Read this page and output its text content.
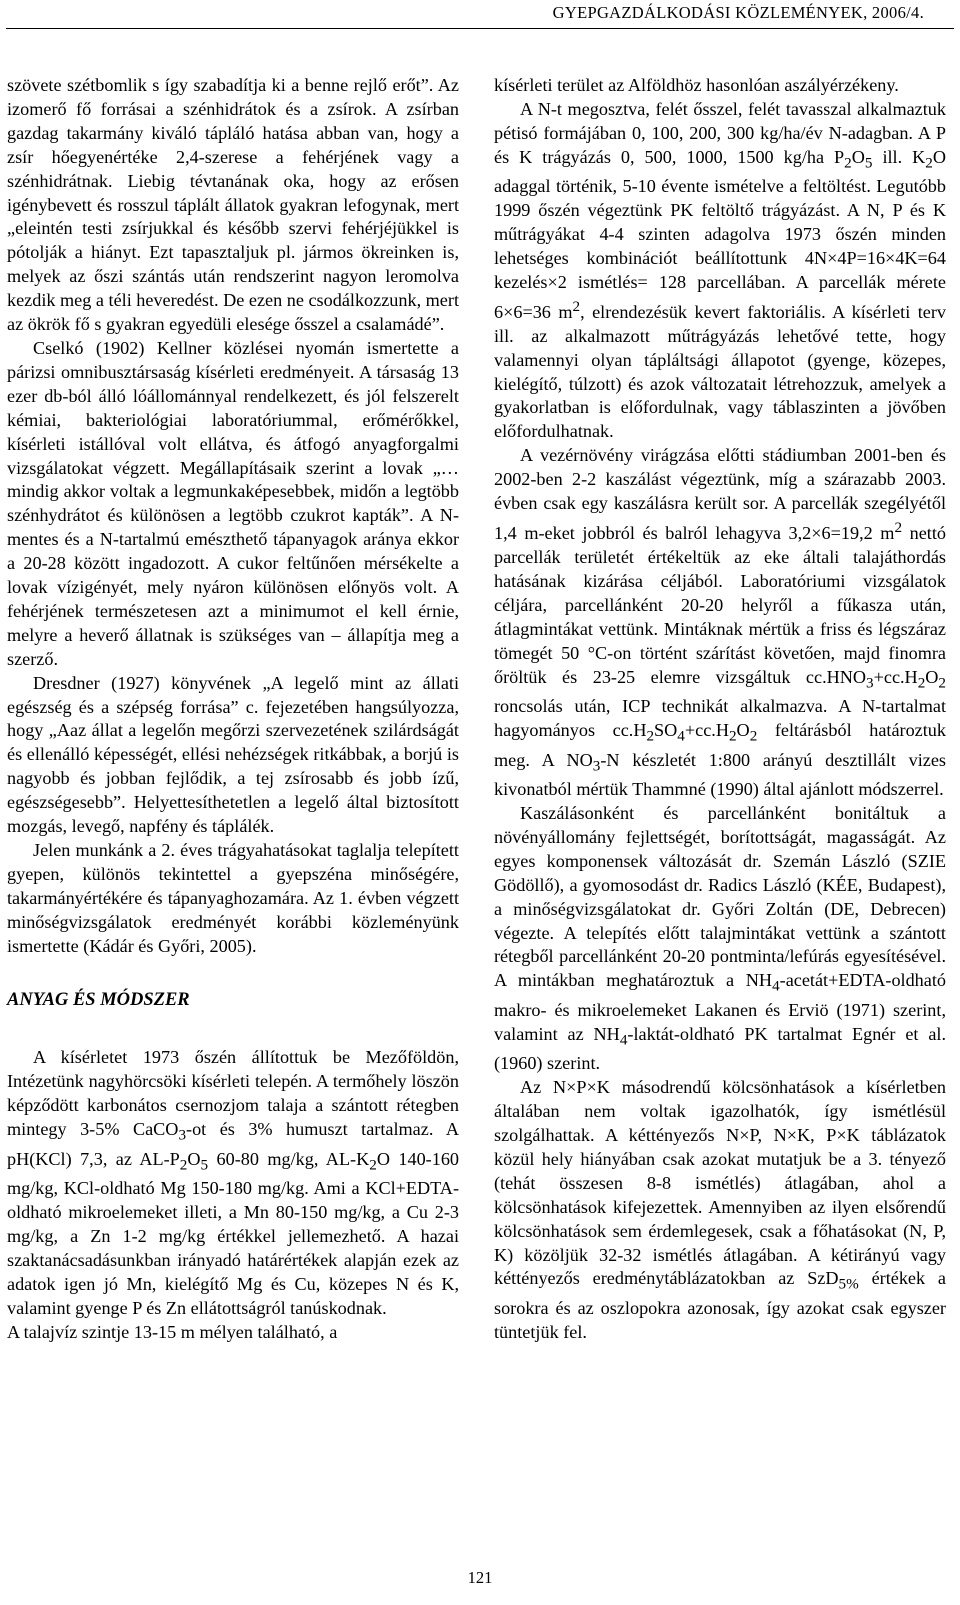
GYEPGAZDÁLKODÁSI KÖZLEMÉNYEK, 2006/4.

szövete szétbomlik s így szabadítja ki a benne rejlő erőt”. Az izomerő fő forrásai a szénhidrátok és a zsírok. A zsírban gazdag takarmány kiváló tápláló hatása abban van, hogy a zsír hőegyenértéke 2,4-szerese a fehérjének vagy a szénhidrátnak. Liebig tévtanának oka, hogy az erősen igénybevett és rosszul táplált állatok gyakran lefogynak, mert „eleintén testi zsírjukkal és később szervi fehérjéjükkel is pótolják a hiányt. Ezt tapasztaljuk pl. jármos ökreinken is, melyek az őszi szántás után rendszerint nagyon leromolva kezdik meg a téli heveredést. De ezen ne csodálkozzunk, mert az ökrök fő s gyakran egyedüli elesége ősszel a csalamádé”.

Cselkó (1902) Kellner közlései nyomán ismertette a párizsi omnibusztársaság kísérleti eredményeit. A társaság 13 ezer db-ból álló lóállománnyal rendelkezett, és jól felszerelt kémiai, bakteriológiai laboratóriummal, erőmérőkkel, kísérleti istállóval volt ellátva, és átfogó anyagforgalmi vizsgálatokat végzett. Megállapításaik szerint a lovak „… mindig akkor voltak a legmunkaképesebbek, midőn a legtöbb szénhydrátot és különösen a legtöbb czukrot kapták”. A N-mentes és a N-tartalmú emészthető tápanyagok aránya ekkor a 20-28 között ingadozott. A cukor feltűnően mérsékelte a lovak vízigényét, mely nyáron különösen előnyös volt. A fehérjének természetesen azt a minimumot el kell érnie, melyre a heverő állatnak is szükséges van – állapítja meg a szerző.

Dresdner (1927) könyvének „A legelő mint az állati egészség és a szépség forrása” c. fejezetében hangsúlyozza, hogy „Aaz állat a legelőn megőrzi szervezetének szilárdságát és ellenálló képességét, ellési nehézségek ritkábbak, a borjú is nagyobb és jobban fejlődik, a tej zsírosabb és jobb ízű, egészségesebb”. Helyettesíthetetlen a legelő által biztosított mozgás, levegő, napfény és táplálék.

Jelen munkánk a 2. éves trágyahatásokat taglalja telepített gyepen, különös tekintettel a gyepszéna minőségére, takarmányértékére és tápanyaghozamára. Az 1. évben végzett minőségvizsgálatok eredményét korábbi közleményünk ismertette (Kádár és Győri, 2005).

ANYAG ÉS MÓDSZER

A kísérletet 1973 őszén állítottuk be Mezőföldön, Intézetünk nagyhörcsöki kísérleti telepén. A termőhely löszön képződött karbonátos csernozjom talaja a szántott rétegben mintegy 3-5% CaCO$_3$-ot és 3% humuszt tartalmaz. A pH(KCl) 7,3, az $AL-P_2O_5$ 60-80 mg/kg, $AL-K_2O$ 140-160 mg/kg, KCl-oldható Mg 150-180 mg/kg. Ami a KCl+EDTA-oldható mikroelemeket illeti, a Mn 80-150 mg/kg, a Cu 2-3 mg/kg, a Zn 1-2 mg/kg értékkel jellemezhető. A hazai szaktanácsadásunkban irányadó határértékek alapján ezek az adatok igen jó Mn, kielégítő Mg és Cu, közepes N és K, valamint gyenge P és Zn ellátottságról tanúskodnak.

A talajvíz szintje 13-15 m mélyen található, a

kísérleti terület az Alföldhöz hasonlóan aszályérzékeny.

A N-t megosztva, felét ősszel, felét tavasszal alkalmaztuk pétisó formájában 0, 100, 200, 300 kg/ha/év N-adagban. A P és K trágyázás 0, 500, 1000, 1500 kg/ha $P_2O_5$ ill. $K_2O$ adaggal történik, 5-10 évente ismételve a feltöltést. Legutóbb 1999 őszén végeztünk PK feltöltő trágyázást. A N, P és K műtrágyákat 4-4 szinten adagolva 1973 őszén minden lehetséges kombinációt beállítottunk 4N×4P=16×4K=64 kezelés×2 ismétlés= 128 parcellában. A parcellák mérete 6×6=36 $m^2$, elrendezésük kevert faktoriális. A kísérleti terv ill. az alkalmazott műtrágyázás lehetővé tette, hogy valamennyi olyan tápláltsági állapotot (gyenge, közepes, kielégítő, túlzott) és azok változatait létrehozzuk, amelyek a gyakorlatban is előfordulnak, vagy táblaszinten a jövőben előfordulhatnak.

A vezérnövény virágzása előtti stádiumban 2001-ben és 2002-ben 2-2 kaszálást végeztünk, míg a szárazabb 2003. évben csak egy kaszálásra került sor. A parcellák szegélyétől 1,4 m-eket jobbról és balról lehagyva 3,2×6=19,2 $m^2$ nettó parcellák területét értékeltük az eke általi talajáthordás hatásának kizárása céljából. Laboratóriumi vizsgálatok céljára, parcellánként 20-20 helyről a fűkasza után, átlagmintákat vettünk. Mintáknak mértük a friss és légszáraz tömegét 50 °C-on történt szárítást követően, majd finomra őröltük és 23-25 elemre vizsgáltuk $cc.HNO_3+cc.H_2O_2$ roncsolás után, ICP technikát alkalmazva. A N-tartalmat hagyományos $cc.H_2SO_4+cc.H_2O_2$ feltárásból határoztuk meg. A $NO_3-N$ készletét 1:800 arányú desztillált vizes kivonatból mértük Thammné (1990) által ajánlott módszerrel.

Kaszálásonként és parcellánként bonitáltuk a növényállomány fejlettségét, borítottságát, magasságát. Az egyes komponensek változását dr. Szemán László (SZIE Gödöllő), a gyomosodást dr. Radics László (KÉE, Budapest), a minőségvizsgálatokat dr. Győri Zoltán (DE, Debrecen) végezte. A telepítés előtt talajmintákat vettünk a szántott rétegből parcellánként 20-20 pontminta/lefúrás egyesítésével. A mintákban meghatároztuk a $NH_4-acetát+EDTA$-oldható makro- és mikroelemeket Lakanen és Erviö (1971) szerint, valamint az $NH_4-laktát$-oldható PK tartalmat Egnér et al. (1960) szerint.

Az N×P×K másodrendű kölcsönhatások a kísérletben általában nem voltak igazolhatók, így ismétlésül szolgálhattak. A kéttényezős N×P, N×K, P×K táblázatok közül hely hiányában csak azokat mutatjuk be a 3. tényező (tehát összesen 8-8 ismétlés) átlagában, ahol a kölcsönhatások kifejezettek. Amennyiben az ilyen elsőrendű kölcsönhatások sem érdemlegesek, csak a főhatásokat (N, P, K) közöljük 32-32 ismétlés átlagában. A kétirányú vagy kéttényezős eredménytáblázatokban az SzD$_{5\%}$ értékek a sorokra és az oszlopokra azonosak, így azokat csak egyszer tüntetjük fel.

121
